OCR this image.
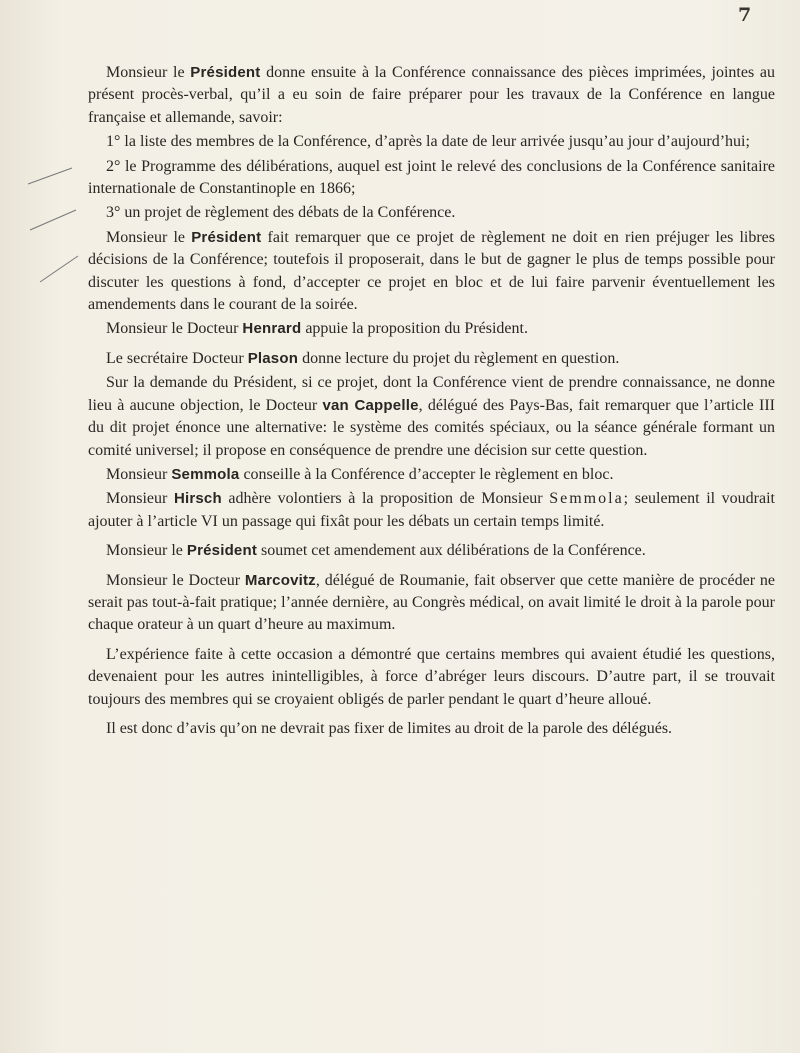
7

Monsieur le Président donne ensuite à la Conférence connaissance des pièces imprimées, jointes au présent procès-verbal, qu’il a eu soin de faire préparer pour les travaux de la Conférence en langue française et allemande, savoir:

1° la liste des membres de la Conférence, d’après la date de leur arrivée jusqu’au jour d’aujourd’hui;

2° le Programme des délibérations, auquel est joint le relevé des conclusions de la Conférence sanitaire internationale de Constantinople en 1866;

3° un projet de règlement des débats de la Conférence.

Monsieur le Président fait remarquer que ce projet de règlement ne doit en rien préjuger les libres décisions de la Conférence; toutefois il proposerait, dans le but de gagner le plus de temps possible pour discuter les questions à fond, d’accepter ce projet en bloc et de lui faire parvenir éventuellement les amendements dans le courant de la soirée.

Monsieur le Docteur Henrard appuie la proposition du Président.

Le secrétaire Docteur Plason donne lecture du projet du règlement en question.

Sur la demande du Président, si ce projet, dont la Conférence vient de prendre connaissance, ne donne lieu à aucune objection, le Docteur van Cappelle, délégué des Pays-Bas, fait remarquer que l’article III du dit projet énonce une alternative: le système des comités spéciaux, ou la séance générale formant un comité universel; il propose en conséquence de prendre une décision sur cette question.

Monsieur Semmola conseille à la Conférence d’accepter le règlement en bloc.

Monsieur Hirsch adhère volontiers à la proposition de Monsieur Semmola; seulement il voudrait ajouter à l’article VI un passage qui fixât pour les débats un certain temps limité.

Monsieur le Président soumet cet amendement aux délibérations de la Conférence.

Monsieur le Docteur Marcovitz, délégué de Roumanie, fait observer que cette manière de procéder ne serait pas tout-à-fait pratique; l’année dernière, au Congrès médical, on avait limité le droit à la parole pour chaque orateur à un quart d’heure au maximum.

L’expérience faite à cette occasion a démontré que certains membres qui avaient étudié les questions, devenaient pour les autres inintelligibles, à force d’abréger leurs discours. D’autre part, il se trouvait toujours des membres qui se croyaient obligés de parler pendant le quart d’heure alloué.

Il est donc d’avis qu’on ne devrait pas fixer de limites au droit de la parole des délégués.
